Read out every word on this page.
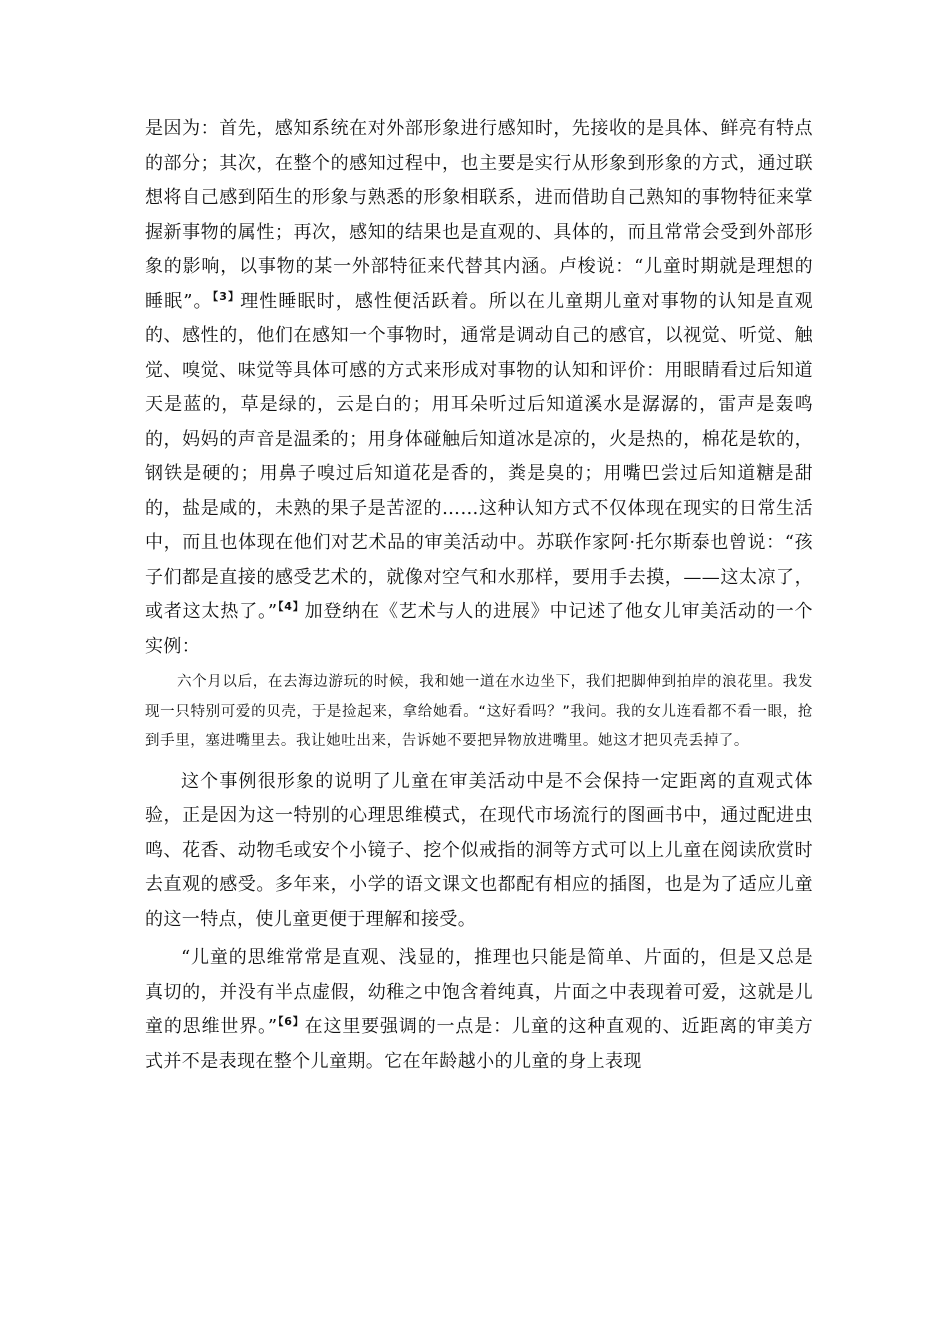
是因为：首先，感知系统在对外部形象进行感知时，先接收的是具体、鲜亮有特点的部分；其次，在整个的感知过程中，也主要是实行从形象到形象的方式，通过联想将自己感到陌生的形象与熟悉的形象相联系，进而借助自己熟知的事物特征来掌握新事物的属性；再次，感知的结果也是直观的、具体的，而且常常会受到外部形象的影响，以事物的某一外部特征来代替其内涵。卢梭说：“儿童时期就是理想的睡眠”。$^{【3】}$理性睡眠时，感性便活跃着。所以在儿童期儿童对事物的认知是直观的、感性的，他们在感知一个事物时，通常是调动自己的感官，以视觉、听觉、触觉、嗅觉、味觉等具体可感的方式来形成对事物的认知和评价：用眼睛看过后知道天是蓝的，草是绿的，云是白的；用耳朵听过后知道溪水是潺潺的，雷声是轰鸣的，妈妈的声音是温柔的；用身体碰触后知道冰是凉的，火是热的，棉花是软的，钢铁是硬的；用鼻子嗅过后知道花是香的，粪是臭的；用嘴巴尝过后知道糖是甜的，盐是咸的，未熟的果子是苦涩的……这种认知方式不仅体现在现实的日常生活中，而且也体现在他们对艺术品的审美活动中。苏联作家阿·托尔斯泰也曾说：“孩子们都是直接的感受艺术的，就像对空气和水那样，要用手去摸，——这太凉了，或者这太热了。”$^{【4】}$加登纳在《艺术与人的进展》中记述了他女儿审美活动的一个实例：

六个月以后，在去海边游玩的时候，我和她一道在水边坐下，我们把脚伸到拍岸的浪花里。我发现一只特别可爱的贝壳，于是捡起来，拿给她看。“这好看吗？”我问。我的女儿连看都不看一眼，抢到手里，塞进嘴里去。我让她吐出来，告诉她不要把异物放进嘴里。她这才把贝壳丢掉了。

这个事例很形象的说明了儿童在审美活动中是不会保持一定距离的直观式体验，正是因为这一特别的心理思维模式，在现代市场流行的图画书中，通过配进虫鸣、花香、动物毛或安个小镜子、挖个似戒指的洞等方式可以上儿童在阅读欣赏时去直观的感受。多年来，小学的语文课文也都配有相应的插图，也是为了适应儿童的这一特点，使儿童更便于理解和接受。

“儿童的思维常常是直观、浅显的，推理也只能是简单、片面的，但是又总是真切的，并没有半点虚假，幼稚之中饱含着纯真，片面之中表现着可爱，这就是儿童的思维世界。”$^{【6】}$在这里要强调的一点是：儿童的这种直观的、近距离的审美方式并不是表现在整个儿童期。它在年龄越小的儿童的身上表现
